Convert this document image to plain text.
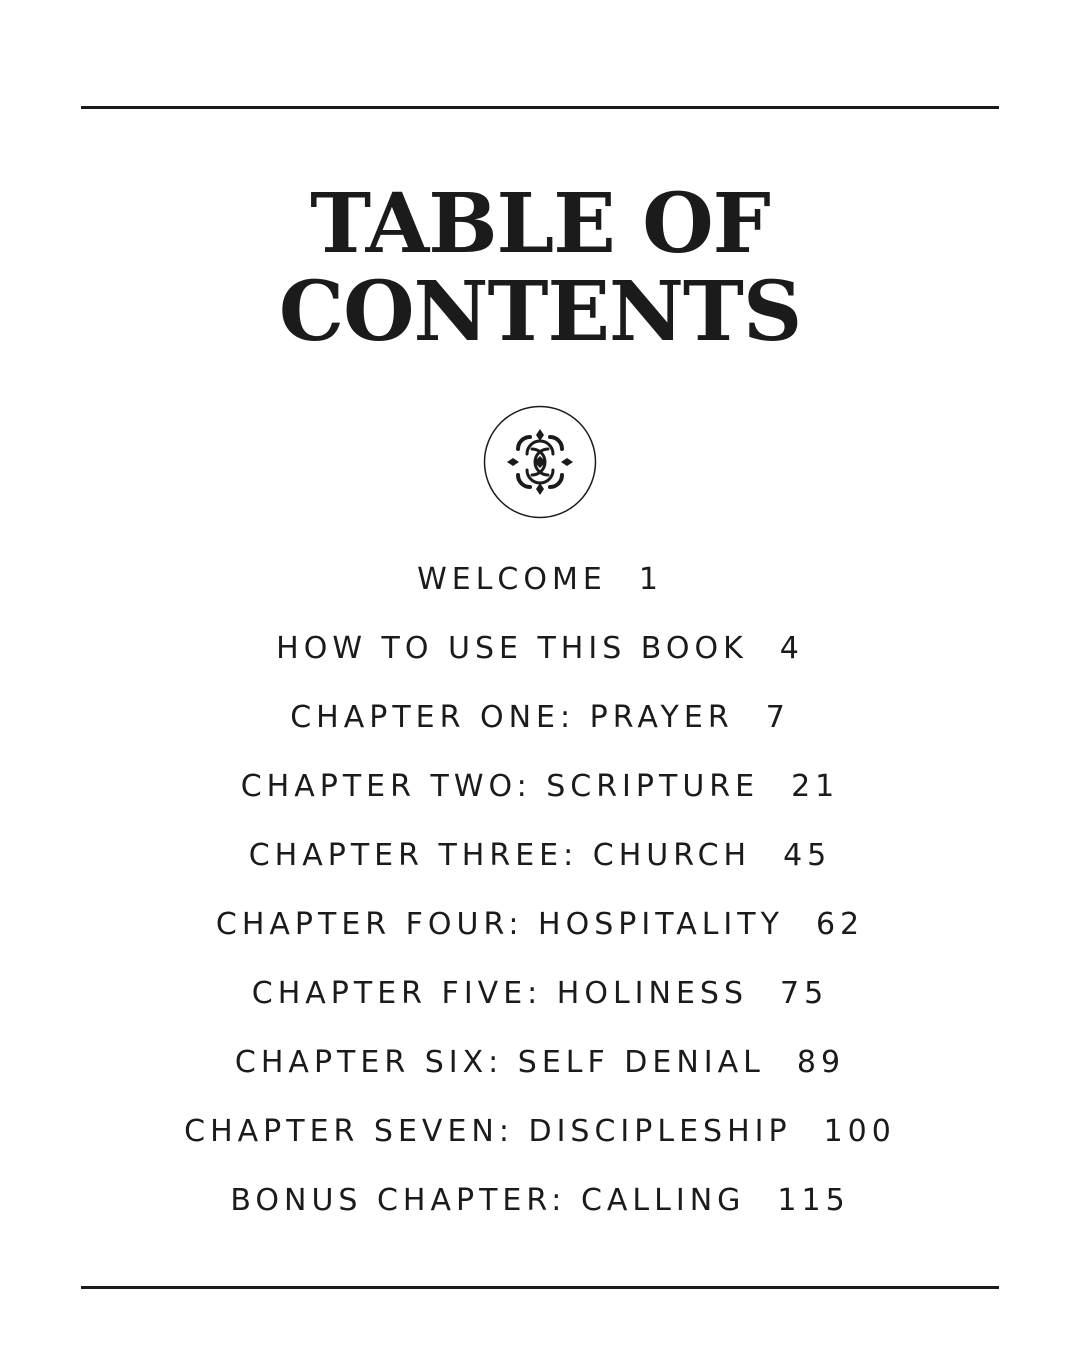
TABLE OF
CONTENTS
WELCOME 1
HOW TO USE THIS BOOK 4
CHAPTER ONE: PRAYER 7
CHAPTER TWO: SCRIPTURE 21
CHAPTER THREE: CHURCH 45
CHAPTER FOUR: HOSPITALITY 62
CHAPTER FIVE: HOLINESS 75
CHAPTER SIX: SELF DENIAL 89
CHAPTER SEVEN: DISCIPLESHIP 100
BONUS CHAPTER: CALLING 115
